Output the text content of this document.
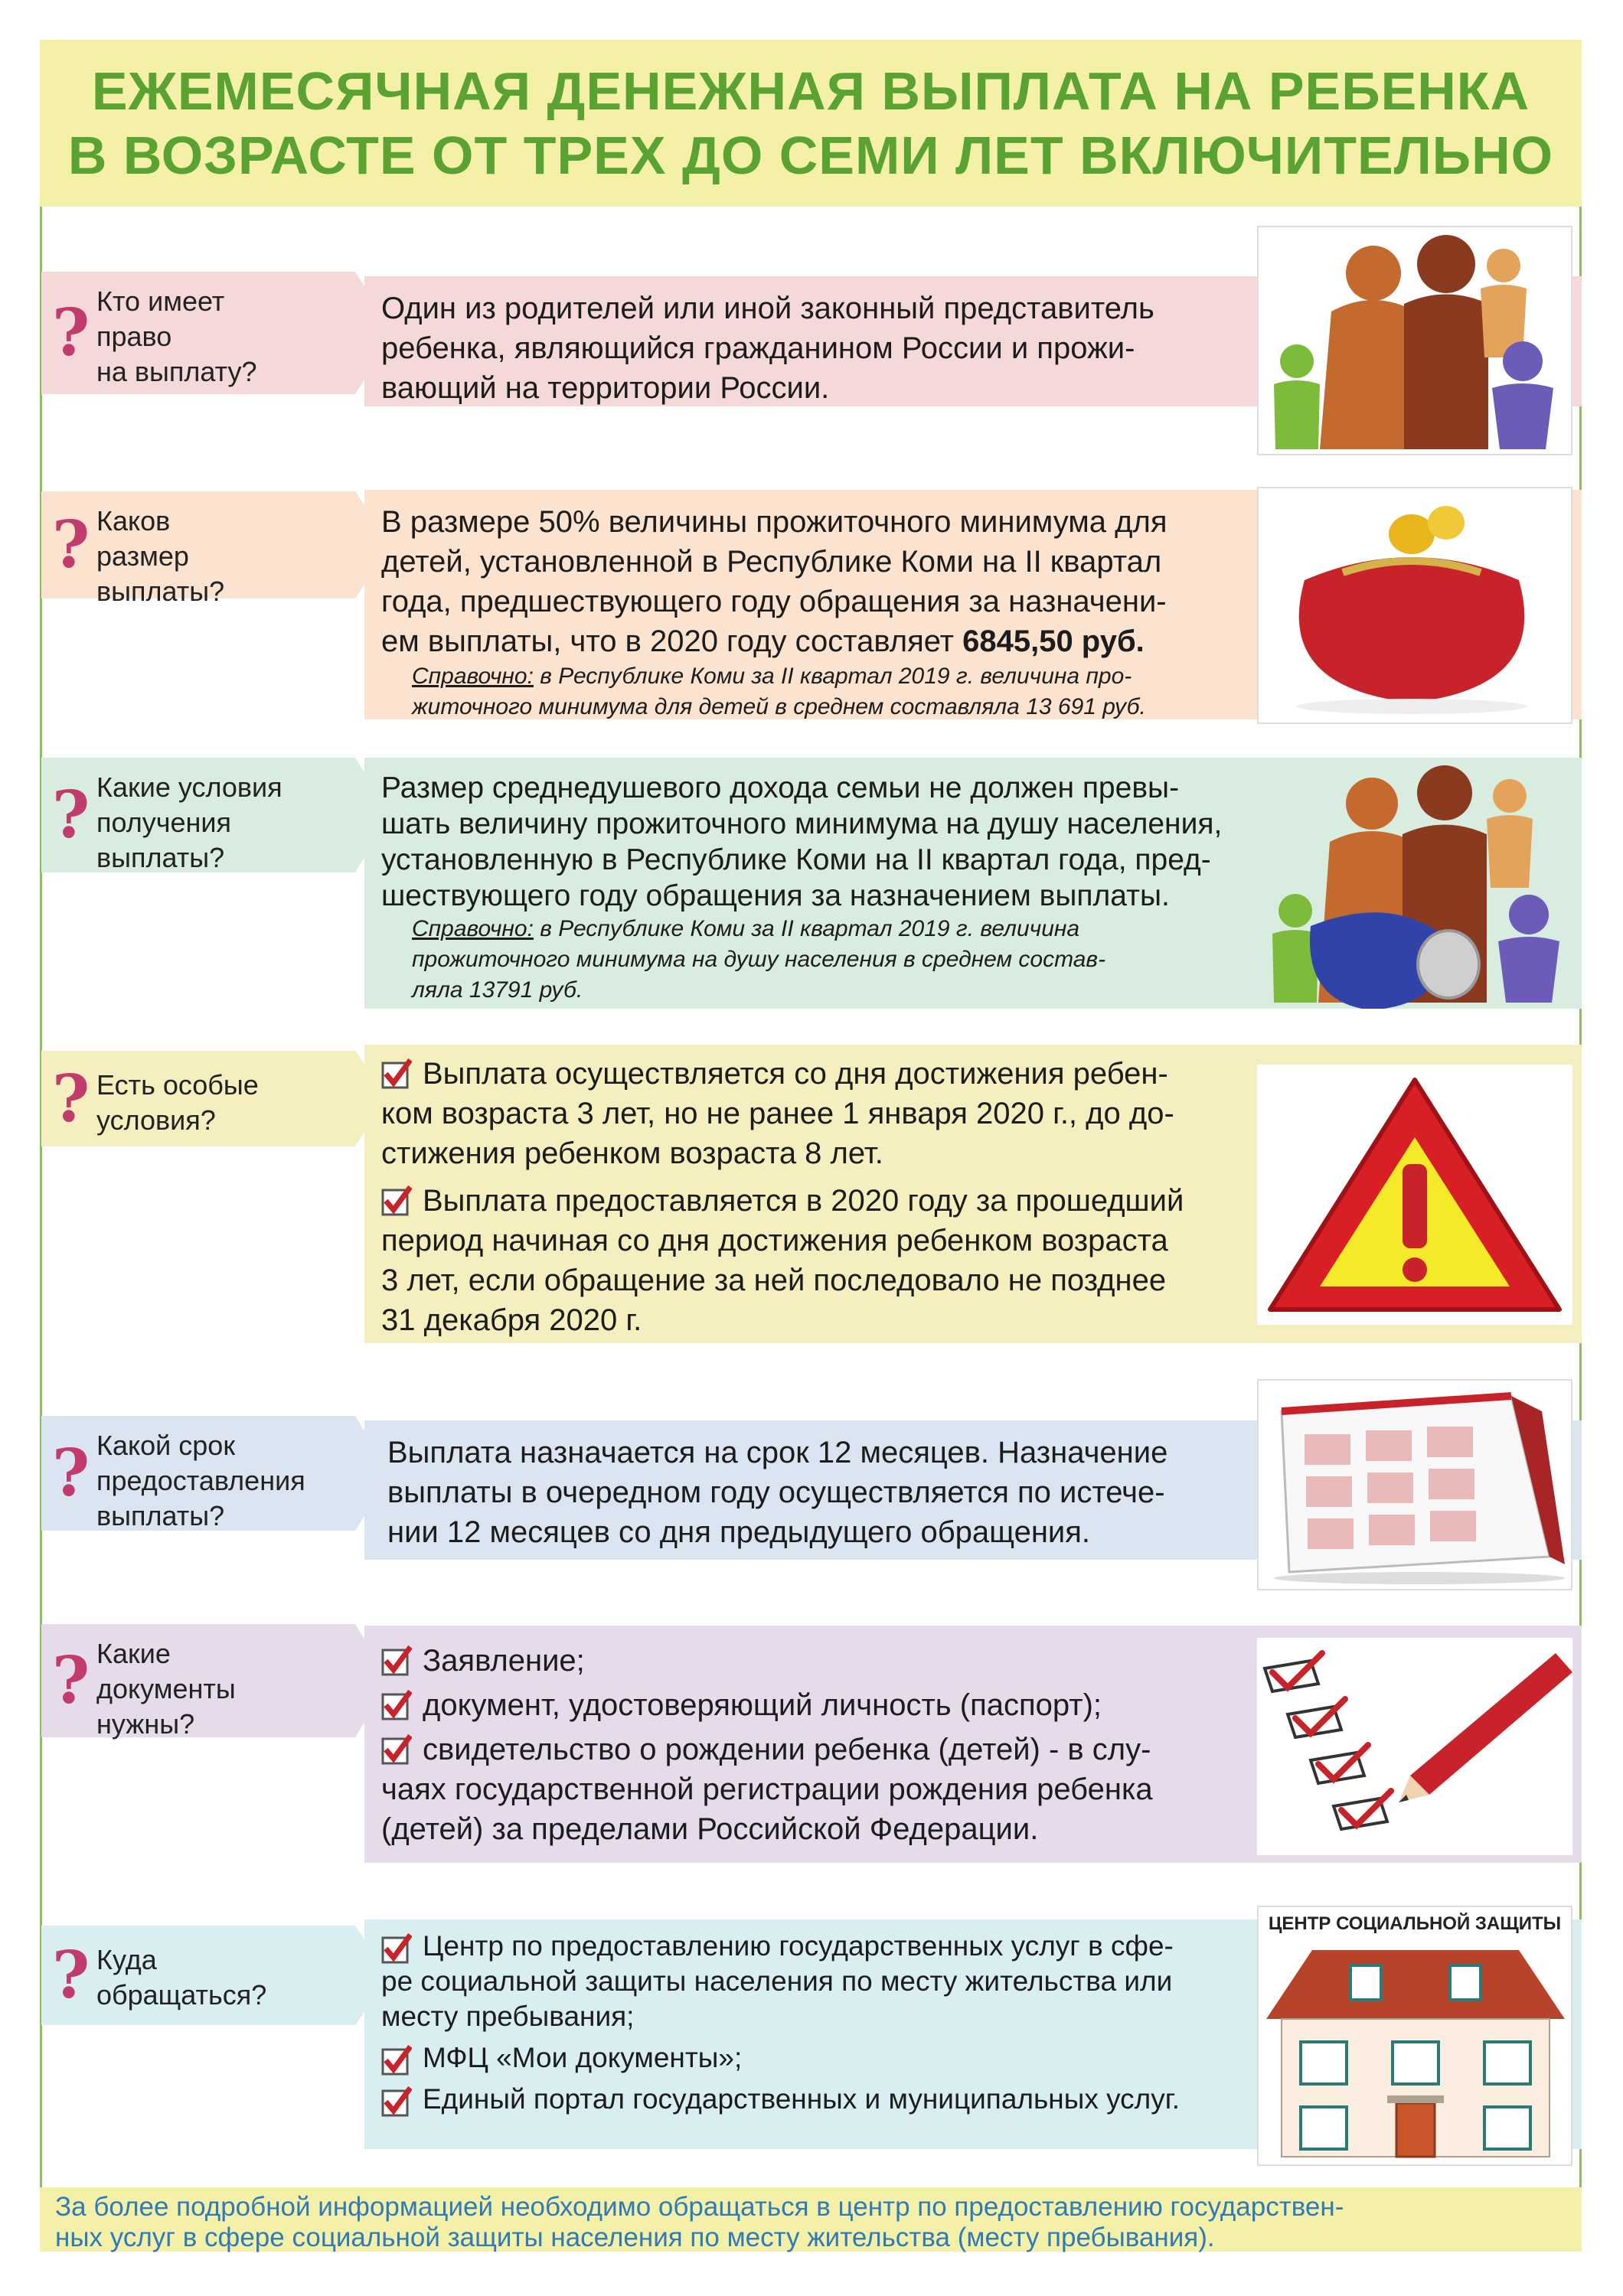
ЕЖЕМЕСЯЧНАЯ ДЕНЕЖНАЯ ВЫПЛАТА НА РЕБЕНКА
В ВОЗРАСТЕ ОТ ТРЕХ ДО СЕМИ ЛЕТ ВКЛЮЧИТЕЛЬНО
? Кто имеет
право
на выплату?
Один из родителей или иной законный представитель
ребенка, являющийся гражданином России и прожи-
вающий на территории России.
? Каков
размер
выплаты?
В размере 50% величины прожиточного минимума для
детей, установленной в Республике Коми на II квартал
года, предшествующего году обращения за назначени-
ем выплаты, что в 2020 году составляет 6845,50 руб.
Справочно: в Республике Коми за II квартал 2019 г. величина про-
житочного минимума для детей в среднем составляла 13 691 руб.
? Какие условия
получения
выплаты?
Размер среднедушевого дохода семьи не должен превы-
шать величину прожиточного минимума на душу населения,
установленную в Республике Коми на II квартал года, пред-
шествующего году обращения за назначением выплаты.
Справочно: в Республике Коми за II квартал 2019 г. величина
прожиточного минимума на душу населения в среднем состав-
ляла 13791 руб.
? Есть особые
условия?
Выплата осуществляется со дня достижения ребен-
ком возраста 3 лет, но не ранее 1 января 2020 г., до до-
стижения ребенком возраста 8 лет.
Выплата предоставляется в 2020 году за прошедший
период начиная со дня достижения ребенком возраста
3 лет, если обращение за ней последовало не позднее
31 декабря 2020 г.
? Какой срок
предоставления
выплаты?
Выплата назначается на срок 12 месяцев. Назначение
выплаты в очередном году осуществляется по истече-
нии 12 месяцев со дня предыдущего обращения.
? Какие
документы
нужны?
Заявление;
документ, удостоверяющий личность (паспорт);
свидетельство о рождении ребенка (детей) - в слу-
чаях государственной регистрации рождения ребенка
(детей) за пределами Российской Федерации.
? Куда
обращаться?
Центр по предоставлению государственных услуг в сфе-
ре социальной защиты населения по месту жительства или
месту пребывания;
МФЦ «Мои документы»;
Единый портал государственных и муниципальных услуг.
ЦЕНТР СОЦИАЛЬНОЙ ЗАЩИТЫ
За более подробной информацией необходимо обращаться в центр по предоставлению государствен-
ных услуг в сфере социальной защиты населения по месту жительства (месту пребывания).
